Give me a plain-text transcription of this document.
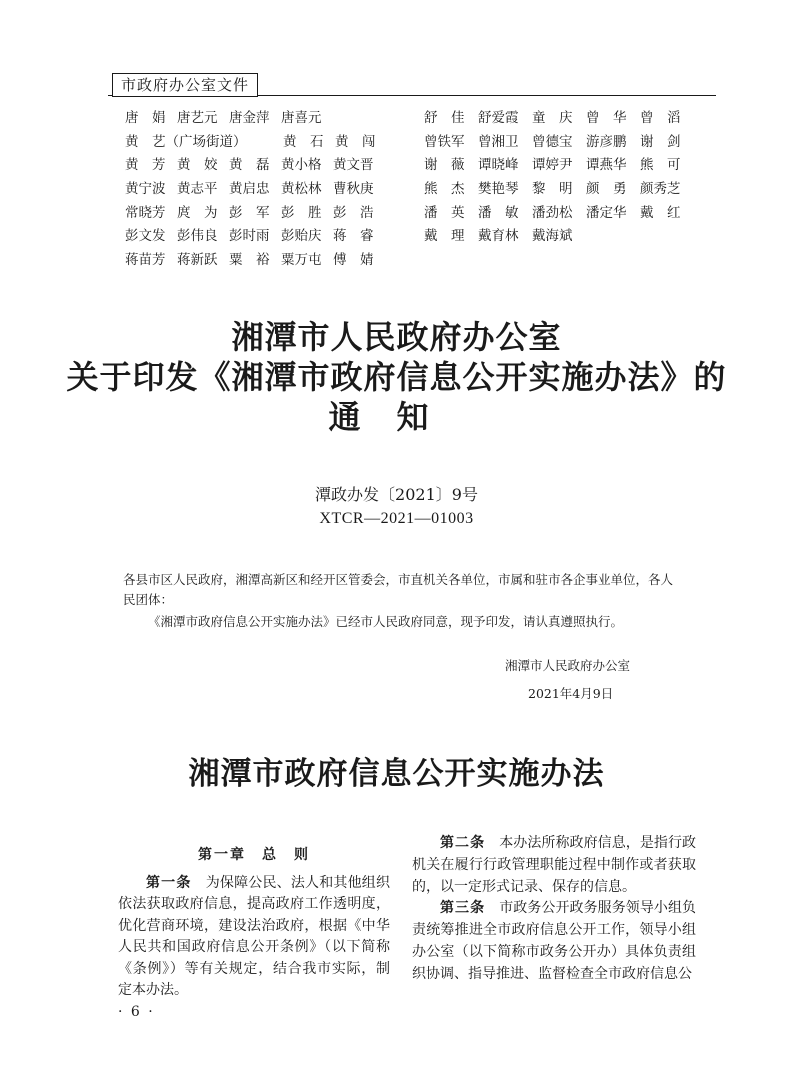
市政府办公室文件
唐　娟 唐艺元 唐金萍 唐喜元
黄　艺（广场街道）	黄　石 黄　闯
黄　芳 黄　姣 黄　磊 黄小格 黄文晋
黄宁波 黄志平 黄启忠 黄松林 曹秋庚
常晓芳 庹　为 彭　军 彭　胜 彭　浩
彭文发 彭伟良 彭时雨 彭贻庆 蒋　睿
蒋苗芳 蒋新跃 粟　裕 粟万屯 傅　婧
舒　佳 舒爱霞 童　庆 曾　华 曾　滔
曾铁军 曾湘卫 曾德宝 游彦鹏 谢　剑
谢　薇 谭晓峰 谭婷尹 谭燕华 熊　可
熊　杰 樊艳琴 黎　明 颜　勇 颜秀芝
潘　英 潘　敏 潘劲松 潘定华 戴　红
戴　理 戴育林 戴海斌
湘潭市人民政府办公室
关于印发《湘潭市政府信息公开实施办法》的
通知
潭政办发〔2021〕9号
XTCR—2021—01003
各县市区人民政府，湘潭高新区和经开区管委会，市直机关各单位，市属和驻市各企事业单位，各人民团体：
《湘潭市政府信息公开实施办法》已经市人民政府同意，现予印发，请认真遵照执行。
湘潭市人民政府办公室
2021年4月9日
湘潭市政府信息公开实施办法
第一章　总　则

第一条　 为保障公民、法人和其他组织依法获取政府信息，提高政府工作透明度，优化营商环境，建设法治政府，根据《中华人民共和国政府信息公开条例》（以下简称《条例》）等有关规定，结合我市实际，制定本办法。

第二条　 本办法所称政府信息，是指行政机关在履行行政管理职能过程中制作或者获取的，以一定形式记录、保存的信息。

第三条　 市政务公开政务服务领导小组负责统筹推进全市政府信息公开工作，领导小组办公室（以下简称市政务公开办）具体负责组织协调、指导推进、监督检查全市政府信息公

· 6 ·
